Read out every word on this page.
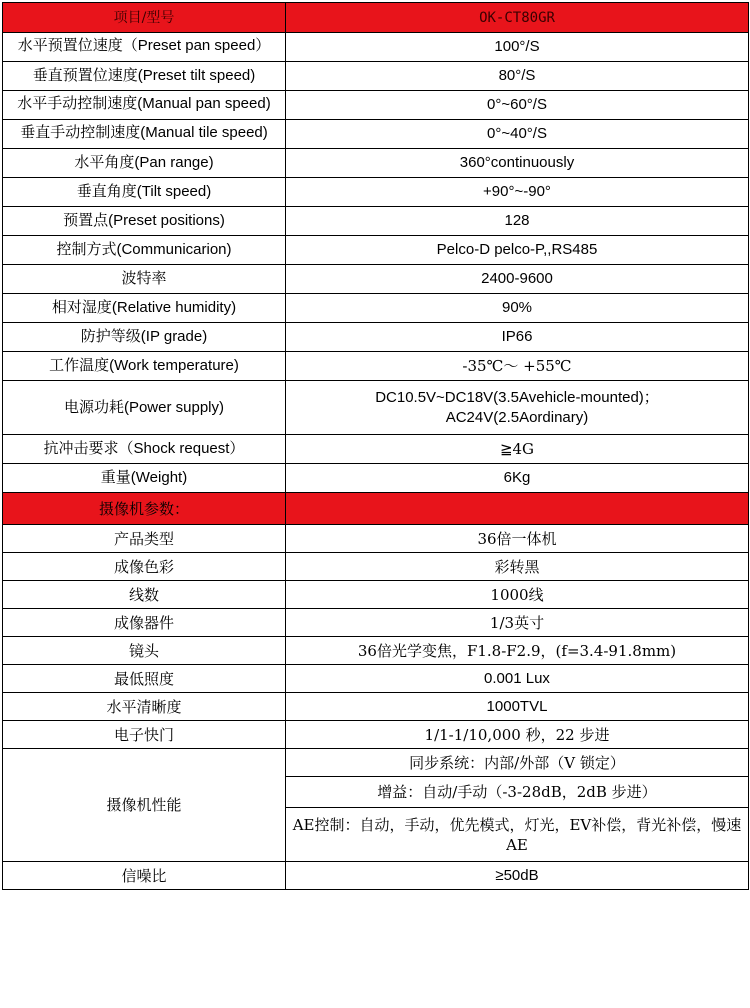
项目/型号	OK-CT80GR

水平预置位速度（Preset pan speed）	100°/S
垂直预置位速度(Preset tilt speed)	80°/S

水平手动控制速度(Manual pan speed)	0°~60°/S

垂直手动控制速度(Manual tile speed)	0°~40°/S
水平角度(Pan range)	360°continuously
垂直角度(Tilt speed)	+90°~-90°
预置点(Preset positions)	128
控制方式(Communicarion)	Pelco-D pelco-P,,RS485
波特率	2400-9600
相对湿度(Relative humidity)	90%
防护等级(IP grade)	IP66
工作温度(Work temperature)	-35℃～ +55℃
电源功耗(Power supply)	DC10.5V~DC18V(3.5Avehicle-mounted)；
AC24V(2.5Aordinary)
抗冲击要求（Shock request）	≧4G
重量(Weight)	6Kg
摄像机参数：	
产品类型	36倍一体机
成像色彩	彩转黑
线数	1000线
成像器件	1/3英寸
镜头	36倍光学变焦，F1.8-F2.9，(f=3.4-91.8mm)
最低照度	0.001 Lux
水平清晰度	1000TVL
电子快门	1/1-1/10,000 秒，22 步进
摄像机性能	同步系统：内部/外部（V 锁定）
	增益：自动/手动（-3-28dB，2dB 步进）
	AE控制：自动，手动，优先模式，灯光，EV补偿，背光补偿，慢速 AE
信噪比	≥50dB
